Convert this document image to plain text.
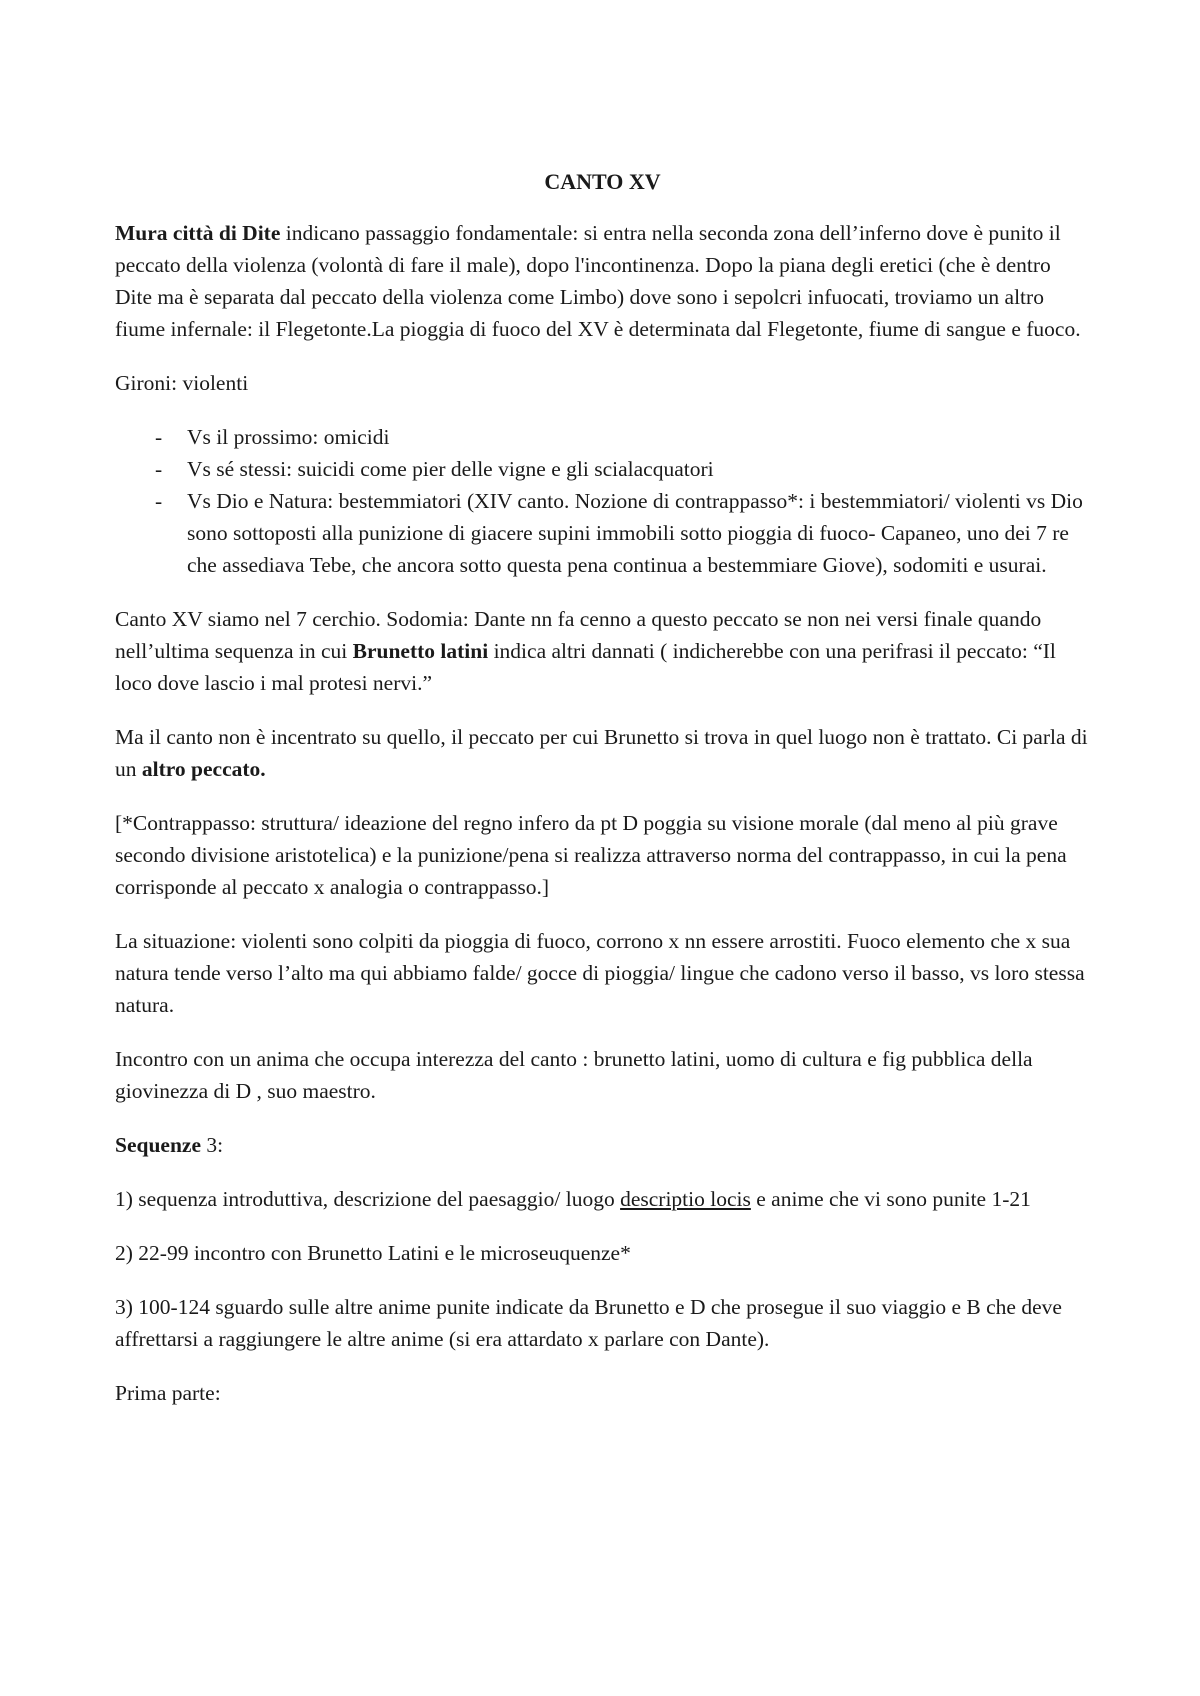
CANTO XV

Mura città di Dite indicano passaggio fondamentale: si entra nella seconda zona dell’inferno dove è punito il peccato della violenza (volontà di fare il male), dopo l'incontinenza. Dopo la piana degli eretici (che è dentro Dite ma è separata dal peccato della violenza come Limbo) dove sono i sepolcri infuocati, troviamo un altro fiume infernale: il Flegetonte.La pioggia di fuoco del XV è determinata dal Flegetonte, fiume di sangue e fuoco.

Gironi: violenti

- Vs il prossimo: omicidi
- Vs sé stessi: suicidi come pier delle vigne e gli scialacquatori
- Vs Dio e Natura: bestemmiatori (XIV canto. Nozione di contrappasso*: i bestemmiatori/ violenti vs Dio sono sottoposti alla punizione di giacere supini immobili sotto pioggia di fuoco- Capaneo, uno dei 7 re che assediava Tebe, che ancora sotto questa pena continua a bestemmiare Giove), sodomiti e usurai.

Canto XV siamo nel 7 cerchio. Sodomia: Dante nn fa cenno a questo peccato se non nei versi finale quando nell’ultima sequenza in cui Brunetto latini indica altri dannati ( indicherebbe con una perifrasi il peccato: “Il loco dove lascio i mal protesi nervi.”

Ma il canto non è incentrato su quello, il peccato per cui Brunetto si trova in quel luogo non è trattato. Ci parla di un altro peccato.

[*Contrappasso: struttura/ ideazione del regno infero da pt D poggia su visione morale (dal meno al più grave secondo divisione aristotelica) e la punizione/pena si realizza attraverso norma del contrappasso, in cui la pena corrisponde al peccato x analogia o contrappasso.]

La situazione: violenti sono colpiti da pioggia di fuoco, corrono x nn essere arrostiti. Fuoco elemento che x sua natura tende verso l’alto ma qui abbiamo falde/ gocce di pioggia/ lingue che cadono verso il basso, vs loro stessa natura.

Incontro con un anima che occupa interezza del canto : brunetto latini, uomo di cultura e fig pubblica della giovinezza di D , suo maestro.

Sequenze 3:

1) sequenza introduttiva, descrizione del paesaggio/ luogo descriptio locis e anime che vi sono punite 1-21

2) 22-99 incontro con Brunetto Latini e le microseuquenze*

3) 100-124 sguardo sulle altre anime punite indicate da Brunetto e D che prosegue il suo viaggio e B che deve affrettarsi a raggiungere le altre anime (si era attardato x parlare con Dante).

Prima parte:
